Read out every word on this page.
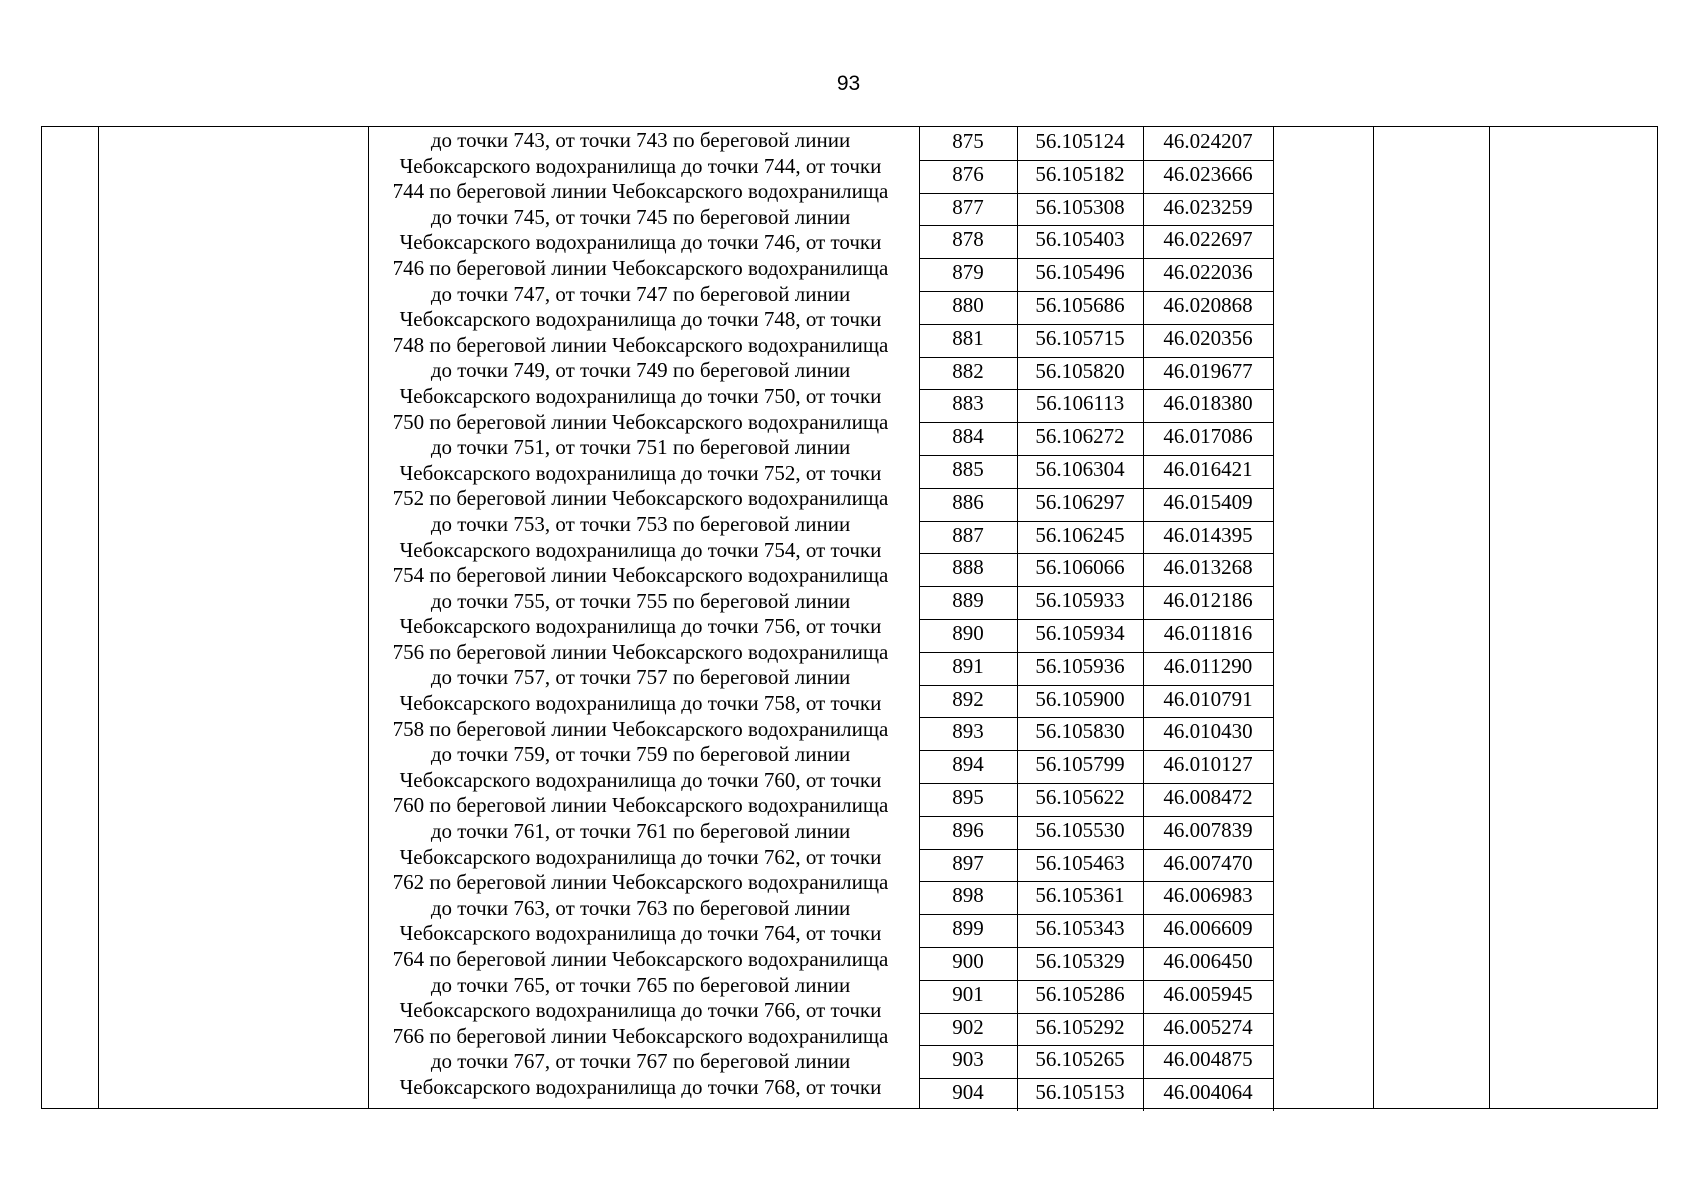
93
до точки 743, от точки 743 по береговой линии
Чебоксарского водохранилища до точки 744, от точки
744 по береговой линии Чебоксарского водохранилища
до точки 745, от точки 745 по береговой линии
Чебоксарского водохранилища до точки 746, от точки
746 по береговой линии Чебоксарского водохранилища
до точки 747, от точки 747 по береговой линии
Чебоксарского водохранилища до точки 748, от точки
748 по береговой линии Чебоксарского водохранилища
до точки 749, от точки 749 по береговой линии
Чебоксарского водохранилища до точки 750, от точки
750 по береговой линии Чебоксарского водохранилища
до точки 751, от точки 751 по береговой линии
Чебоксарского водохранилища до точки 752, от точки
752 по береговой линии Чебоксарского водохранилища
до точки 753, от точки 753 по береговой линии
Чебоксарского водохранилища до точки 754, от точки
754 по береговой линии Чебоксарского водохранилища
до точки 755, от точки 755 по береговой линии
Чебоксарского водохранилища до точки 756, от точки
756 по береговой линии Чебоксарского водохранилища
до точки 757, от точки 757 по береговой линии
Чебоксарского водохранилища до точки 758, от точки
758 по береговой линии Чебоксарского водохранилища
до точки 759, от точки 759 по береговой линии
Чебоксарского водохранилища до точки 760, от точки
760 по береговой линии Чебоксарского водохранилища
до точки 761, от точки 761 по береговой линии
Чебоксарского водохранилища до точки 762, от точки
762 по береговой линии Чебоксарского водохранилища
до точки 763, от точки 763 по береговой линии
Чебоксарского водохранилища до точки 764, от точки
764 по береговой линии Чебоксарского водохранилища
до точки 765, от точки 765 по береговой линии
Чебоксарского водохранилища до точки 766, от точки
766 по береговой линии Чебоксарского водохранилища
до точки 767, от точки 767 по береговой линии
Чебоксарского водохранилища до точки 768, от точки
875	56.105124	46.024207
876	56.105182	46.023666
877	56.105308	46.023259
878	56.105403	46.022697
879	56.105496	46.022036
880	56.105686	46.020868
881	56.105715	46.020356
882	56.105820	46.019677
883	56.106113	46.018380
884	56.106272	46.017086
885	56.106304	46.016421
886	56.106297	46.015409
887	56.106245	46.014395
888	56.106066	46.013268
889	56.105933	46.012186
890	56.105934	46.011816
891	56.105936	46.011290
892	56.105900	46.010791
893	56.105830	46.010430
894	56.105799	46.010127
895	56.105622	46.008472
896	56.105530	46.007839
897	56.105463	46.007470
898	56.105361	46.006983
899	56.105343	46.006609
900	56.105329	46.006450
901	56.105286	46.005945
902	56.105292	46.005274
903	56.105265	46.004875
904	56.105153	46.004064
